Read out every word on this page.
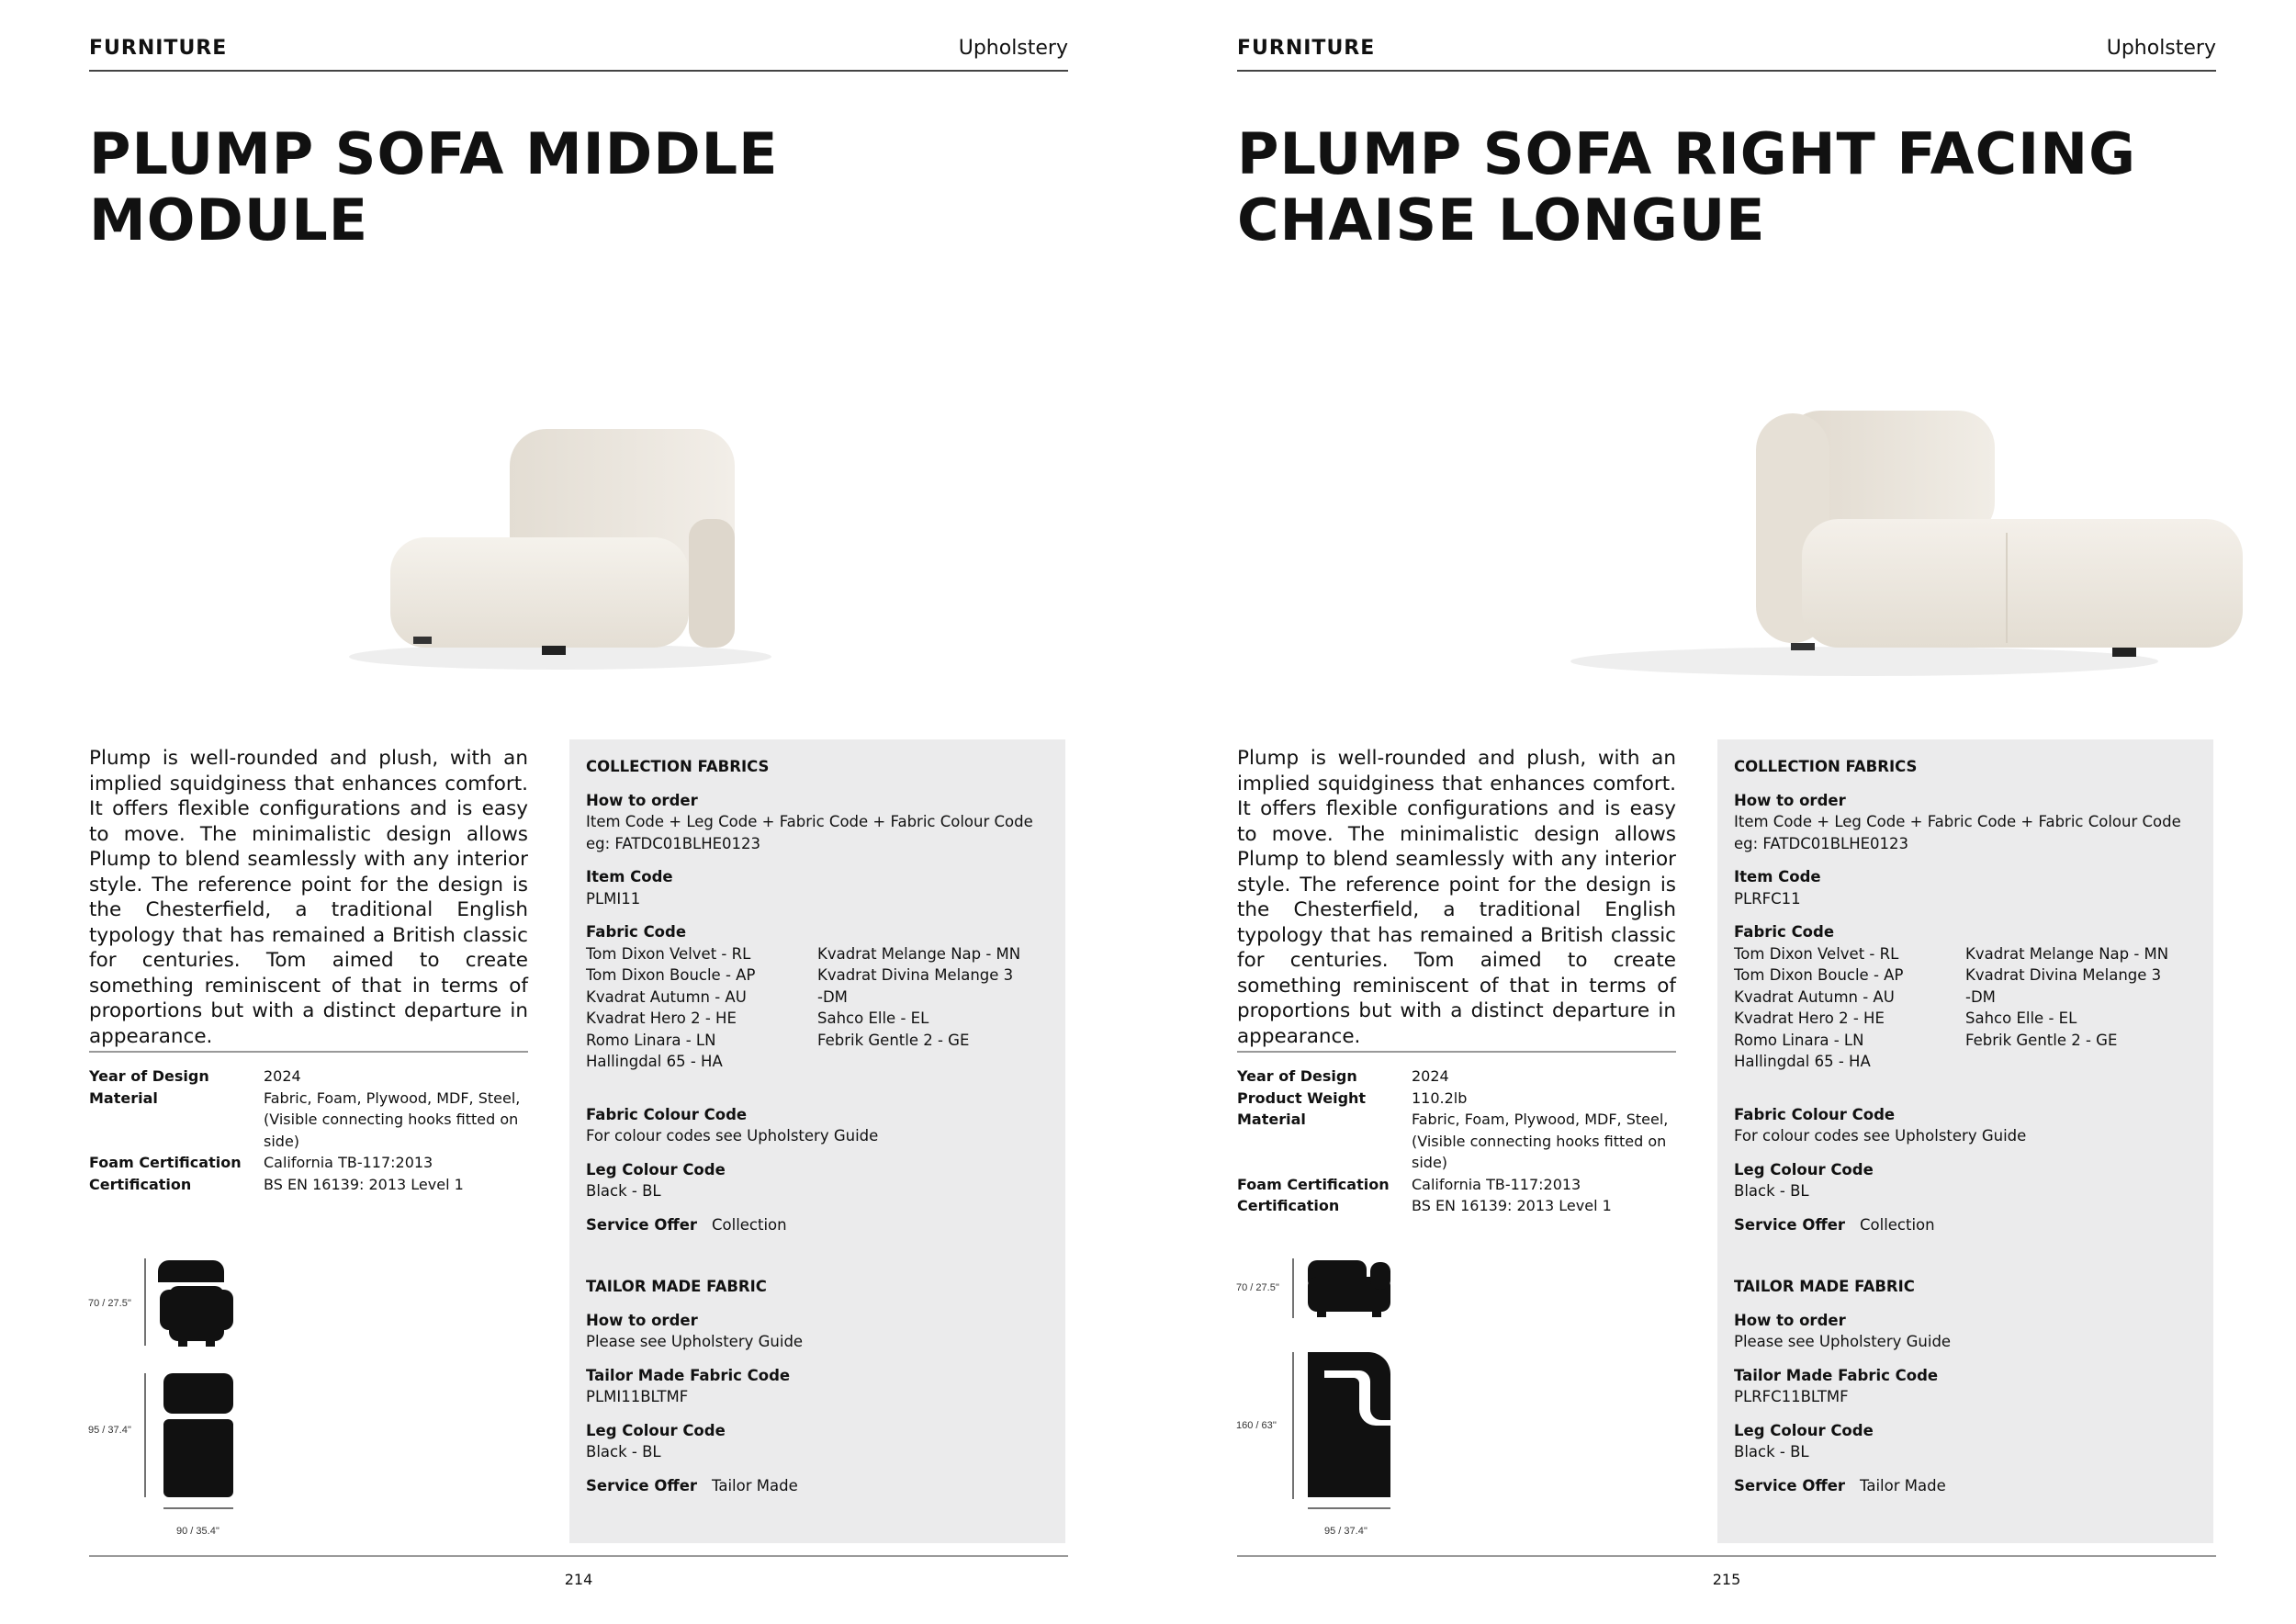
FURNITURE	Upholstery
PLUMP SOFA MIDDLE MODULE

Plump is well-rounded and plush, with an implied squidginess that enhances comfort. It offers flexible configurations and is easy to move. The minimalistic design allows Plump to blend seamlessly with any interior style. The reference point for the design is the Chesterfield, a traditional English typology that has remained a British classic for centuries. Tom aimed to create something reminiscent of that in terms of proportions but with a distinct departure in appearance.

Year of Design	2024
Material	Fabric, Foam, Plywood, MDF, Steel, (Visible connecting hooks fitted on side)
Foam Certification	California TB-117:2013
Certification	BS EN 16139: 2013 Level 1
70 / 27.5''
95 / 37.4''
90 / 35.4''
COLLECTION FABRICS
How to order
Item Code + Leg Code + Fabric Code + Fabric Colour Code
eg: FATDC01BLHE0123
Item Code
PLMI11
Fabric Code
Tom Dixon Velvet - RL
Tom Dixon Boucle - AP
Kvadrat Autumn - AU
Kvadrat Hero 2 - HE
Romo Linara - LN
Hallingdal 65 - HA
Kvadrat Melange Nap - MN
Kvadrat Divina Melange 3
-DM
Sahco Elle - EL
Febrik Gentle 2 - GE
Fabric Colour Code
For colour codes see Upholstery Guide
Leg Colour Code
Black - BL
Service Offer Collection
TAILOR MADE FABRIC
How to order
Please see Upholstery Guide
Tailor Made Fabric Code
PLMI11BLTMF
Leg Colour Code
Black - BL
Service Offer Tailor Made
214
FURNITURE	Upholstery
PLUMP SOFA RIGHT FACING CHAISE LONGUE

Plump is well-rounded and plush, with an implied squidginess that enhances comfort. It offers flexible configurations and is easy to move. The minimalistic design allows Plump to blend seamlessly with any interior style. The reference point for the design is the Chesterfield, a traditional English typology that has remained a British classic for centuries. Tom aimed to create something reminiscent of that in terms of proportions but with a distinct departure in appearance.

Year of Design	2024
Product Weight	110.2lb
Material	Fabric, Foam, Plywood, MDF, Steel, (Visible connecting hooks fitted on side)
Foam Certification	California TB-117:2013
Certification	BS EN 16139: 2013 Level 1
70 / 27.5''
160 / 63''
95 / 37.4''
COLLECTION FABRICS
How to order
Item Code + Leg Code + Fabric Code + Fabric Colour Code
eg: FATDC01BLHE0123
Item Code
PLRFC11
Fabric Code
Tom Dixon Velvet - RL
Tom Dixon Boucle - AP
Kvadrat Autumn - AU
Kvadrat Hero 2 - HE
Romo Linara - LN
Hallingdal 65 - HA
Kvadrat Melange Nap - MN
Kvadrat Divina Melange 3
-DM
Sahco Elle - EL
Febrik Gentle 2 - GE
Fabric Colour Code
For colour codes see Upholstery Guide
Leg Colour Code
Black - BL
Service Offer Collection
TAILOR MADE FABRIC
How to order
Please see Upholstery Guide
Tailor Made Fabric Code
PLRFC11BLTMF
Leg Colour Code
Black - BL
Service Offer Tailor Made
215
